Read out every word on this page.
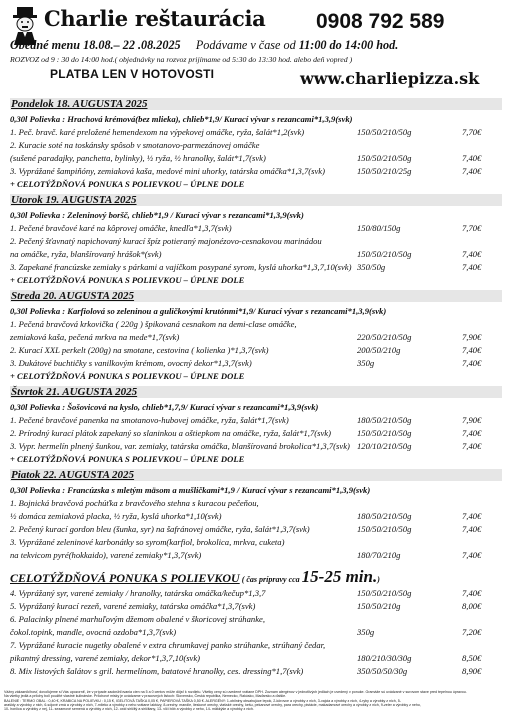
Charlie reštaurácia 0908 792 589
Obedné menu 18.08.– 22 .08.2025 Podávame v čase od 11:00 do 14:00 hod.
ROZVOZ od 9 : 30 do 14:00 hod.( objednávky na rozvoz prijímame od 5:30 do 13:30 hod. alebo deň vopred )
PLATBA LEN V HOTOVOSTI	www.charliepizza.sk
Pondelok 18. AUGUSTA 2025
0,30l Polievka : Hrachová krémová(bez mlieka), chlieb*1,9/ Kurací vývar s rezancami*1,3,9(svk)
1. Peč. bravč. karé preložené hemendexom na výpekovej omáčke, ryža, šalát*1,2(svk)	150/50/210/50g	7,70€
2. Kuracie soté na toskánsky spôsob v smotanovo-parmezánovej omáčke
(sušené paradajky, panchetta, bylinky), ½ ryža, ½ hranolky, šalát*1,7(svk)	150/50/210/50g	7,40€
3. Vyprážané šampiňóny, zemiaková kaša, medové mini uhorky, tatárska omáčka*1,3,7(svk)	150/50/210/25g	7,40€
+ CELOTÝŽDŇOVÁ PONUKA S POLIEVKOU – ÚPLNE DOLE
Utorok 19. AUGUSTA 2025
0,30l Polievka : Zeleninový boršč, chlieb*1,9 / Kurací vývar s rezancami*1,3,9(svk)
1. Pečené bravčové karé na kôprovej omáčke, knedľa*1,3,7(svk)	150/80/150g	7,70€
2. Pečený šťavnatý napichovaný kurací špíz potieraný majonézovo-cesnakovou marinádou
na omáčke, ryža, blanšírovaný hrášok*(svk)	150/50/210/50g	7,40€
3. Zapekané francúzske zemiaky s párkami a vajíčkom posypané syrom, kyslá uhorka*1,3,7,10(svk) 350/50g	7,40€
+ CELOTÝŽDŇOVÁ PONUKA S POLIEVKOU – ÚPLNE DOLE
Streda 20. AUGUSTA 2025
0,30l Polievka : Karfiolová so zeleninou a guličkovými krutónmi*1,9/ Kurací vývar s rezancami*1,3,9(svk)
1. Pečená bravčová krkovička ( 220g ) špikovaná cesnakom na demi-clase omáčke,
zemiaková kaša, pečená mrkva na mede*1,7(svk)	220/50/210/50g	7,90€
2. Kurací XXL perkelt (200g) na smotane, cestovina ( kolienka )*1,3,7(svk)	200/50/210g	7,40€
3. Dukátové buchtičky s vanilkovým krémom, ovocný dekor*1,3,7(svk)	350g	7,40€
+ CELOTÝŽDŇOVÁ PONUKA S POLIEVKOU – ÚPLNE DOLE
Štvrtok 21. AUGUSTA 2025
0,30l Polievka : Šošovicová na kyslo, chlieb*1,7,9/ Kurací vývar s rezancami*1,3,9(svk)
1. Pečené bravčové panenka na smotanovo-hubovej omáčke, ryža, šalát*1,7(svk)	180/50/210/50g	7,90€
2. Prírodný kurací plátok zapekaný so slaninkou a oštiepkom na omáčke, ryža, šalát*1,7(svk)	150/50/210/50g	7,40€
3. Vypr. hermelín plnený šunkou, var. zemiaky, tatárska omáčka, blanšírovaná brokolica*1,3,7(svk) 120/10/210/50g	7,40€
+ CELOTÝŽDŇOVÁ PONUKA S POLIEVKOU – ÚPLNE DOLE
Piatok 22. AUGUSTA 2025
0,30l Polievka : Francúzska s mletým mäsom a mušličkami*1,9 / Kurací vývar s rezancami*1,3,9(svk)
1. Bojnická bravčová pochúťka z bravčového stehna s kuracou pečeňou,
½ domáca zemiaková placka, ½ ryža, kyslá uhorka*1,10(svk)	180/50/210/50g	7,40€
2. Pečený kurací gordon bleu (šunka, syr) na šafránovej omáčke, ryža, šalát*1,3,7(svk)	150/50/210/50g	7,40€
3. Vyprážané zeleninové karbonátky so syrom(karfiol, brokolica, mrkva, cuketa)
na tekvicom pyré(hokkaido), varené zemiaky*1,3,7(svk)	180/70/210g	7,40€
CELOTÝŽDŇOVÁ PONUKA S POLIEVKOU ( čas prípravy cca 15-25 min.)
4. Vyprážaný syr, varené zemiaky / hranolky, tatárska omáčka/kečup*1,3,7	150/50/210/50g	7,40€
5. Vyprážaný kurací rezeň, varené zemiaky, tatárska omáčka*1,3,7(svk)	150/50/210g	8,00€
6. Palacinky plnené marhuľovým džemom obalené v škoricovej strúhanke,
čokol.topink, mandle, ovocná ozdoba*1,3,7(svk)	350g	7,20€
7. Vyprážané kuracie nugetky obalené v extra chrumkavej panko strúhanke, strúhaný čedar,
pikantný dressing, varené zemiaky, dekor*1,3,7,10(svk)	180/210/30/30g	8,50€
8. Mix listových šalátov s gril. hermelínom, batatové hranolky, ces. dressing*1,7(svk)	350/50/50/30g	8,90€
Vážny zákazník/hosť, dovoľujeme si Vás upozorniť, že v prípade zaokrúhľovania cien na 5 a 0 centov môže dôjsť k rozdielu. Všetky ceny sú uvedené vrátane DPH. Zoznam alergénov v jednotlivých jedlách je uvedený v ponuke. Gramáže sú uvádzané v surovom stave pred tepelnou úpravou.
Na všetky jedlá a prílohy boli použité vlastné kulinárske. Prílohové misky je uvádzame v pracovných listoch: Slovensko, Česká republika, Nemecko, Rakúsko, Maďarsko a ďalšie.
BALENIE : TERMO OBAL : 0,40 €, KRABICA NA POLIEVKU : 0,15 €, IGELITOVÁ TAŠKA 0,05 €, PAPIEROVÁ TAŠKA 0,50 €. ALERGÉNY: 1-obilniny obsahujúce lepok, 2-kôrovce a výrobky z nich, 3-vajcia a výrobky z nich, 4-ryby a výrobky z nich, 5-
arašidy a výrobky z nich, 6-sójové zrná a výrobky z nich, 7-mlieko a výrobky z neho vrátane laktózy, 8-orechy: mandle, lieskové orechy, vlašské orechy, kešu, pekanové orechy, para orechy, pistácie, makadamové orechy a výrobky z nich, 9-zeler a výrobky z neho,
10- horčica a výrobky z nej, 11- sezamové semená a výrobky z nich, 12- oxid siričitý a siričitany, 13- vlčí bôb a výrobky z neho, 14- mäkkýše a výrobky z nich.
